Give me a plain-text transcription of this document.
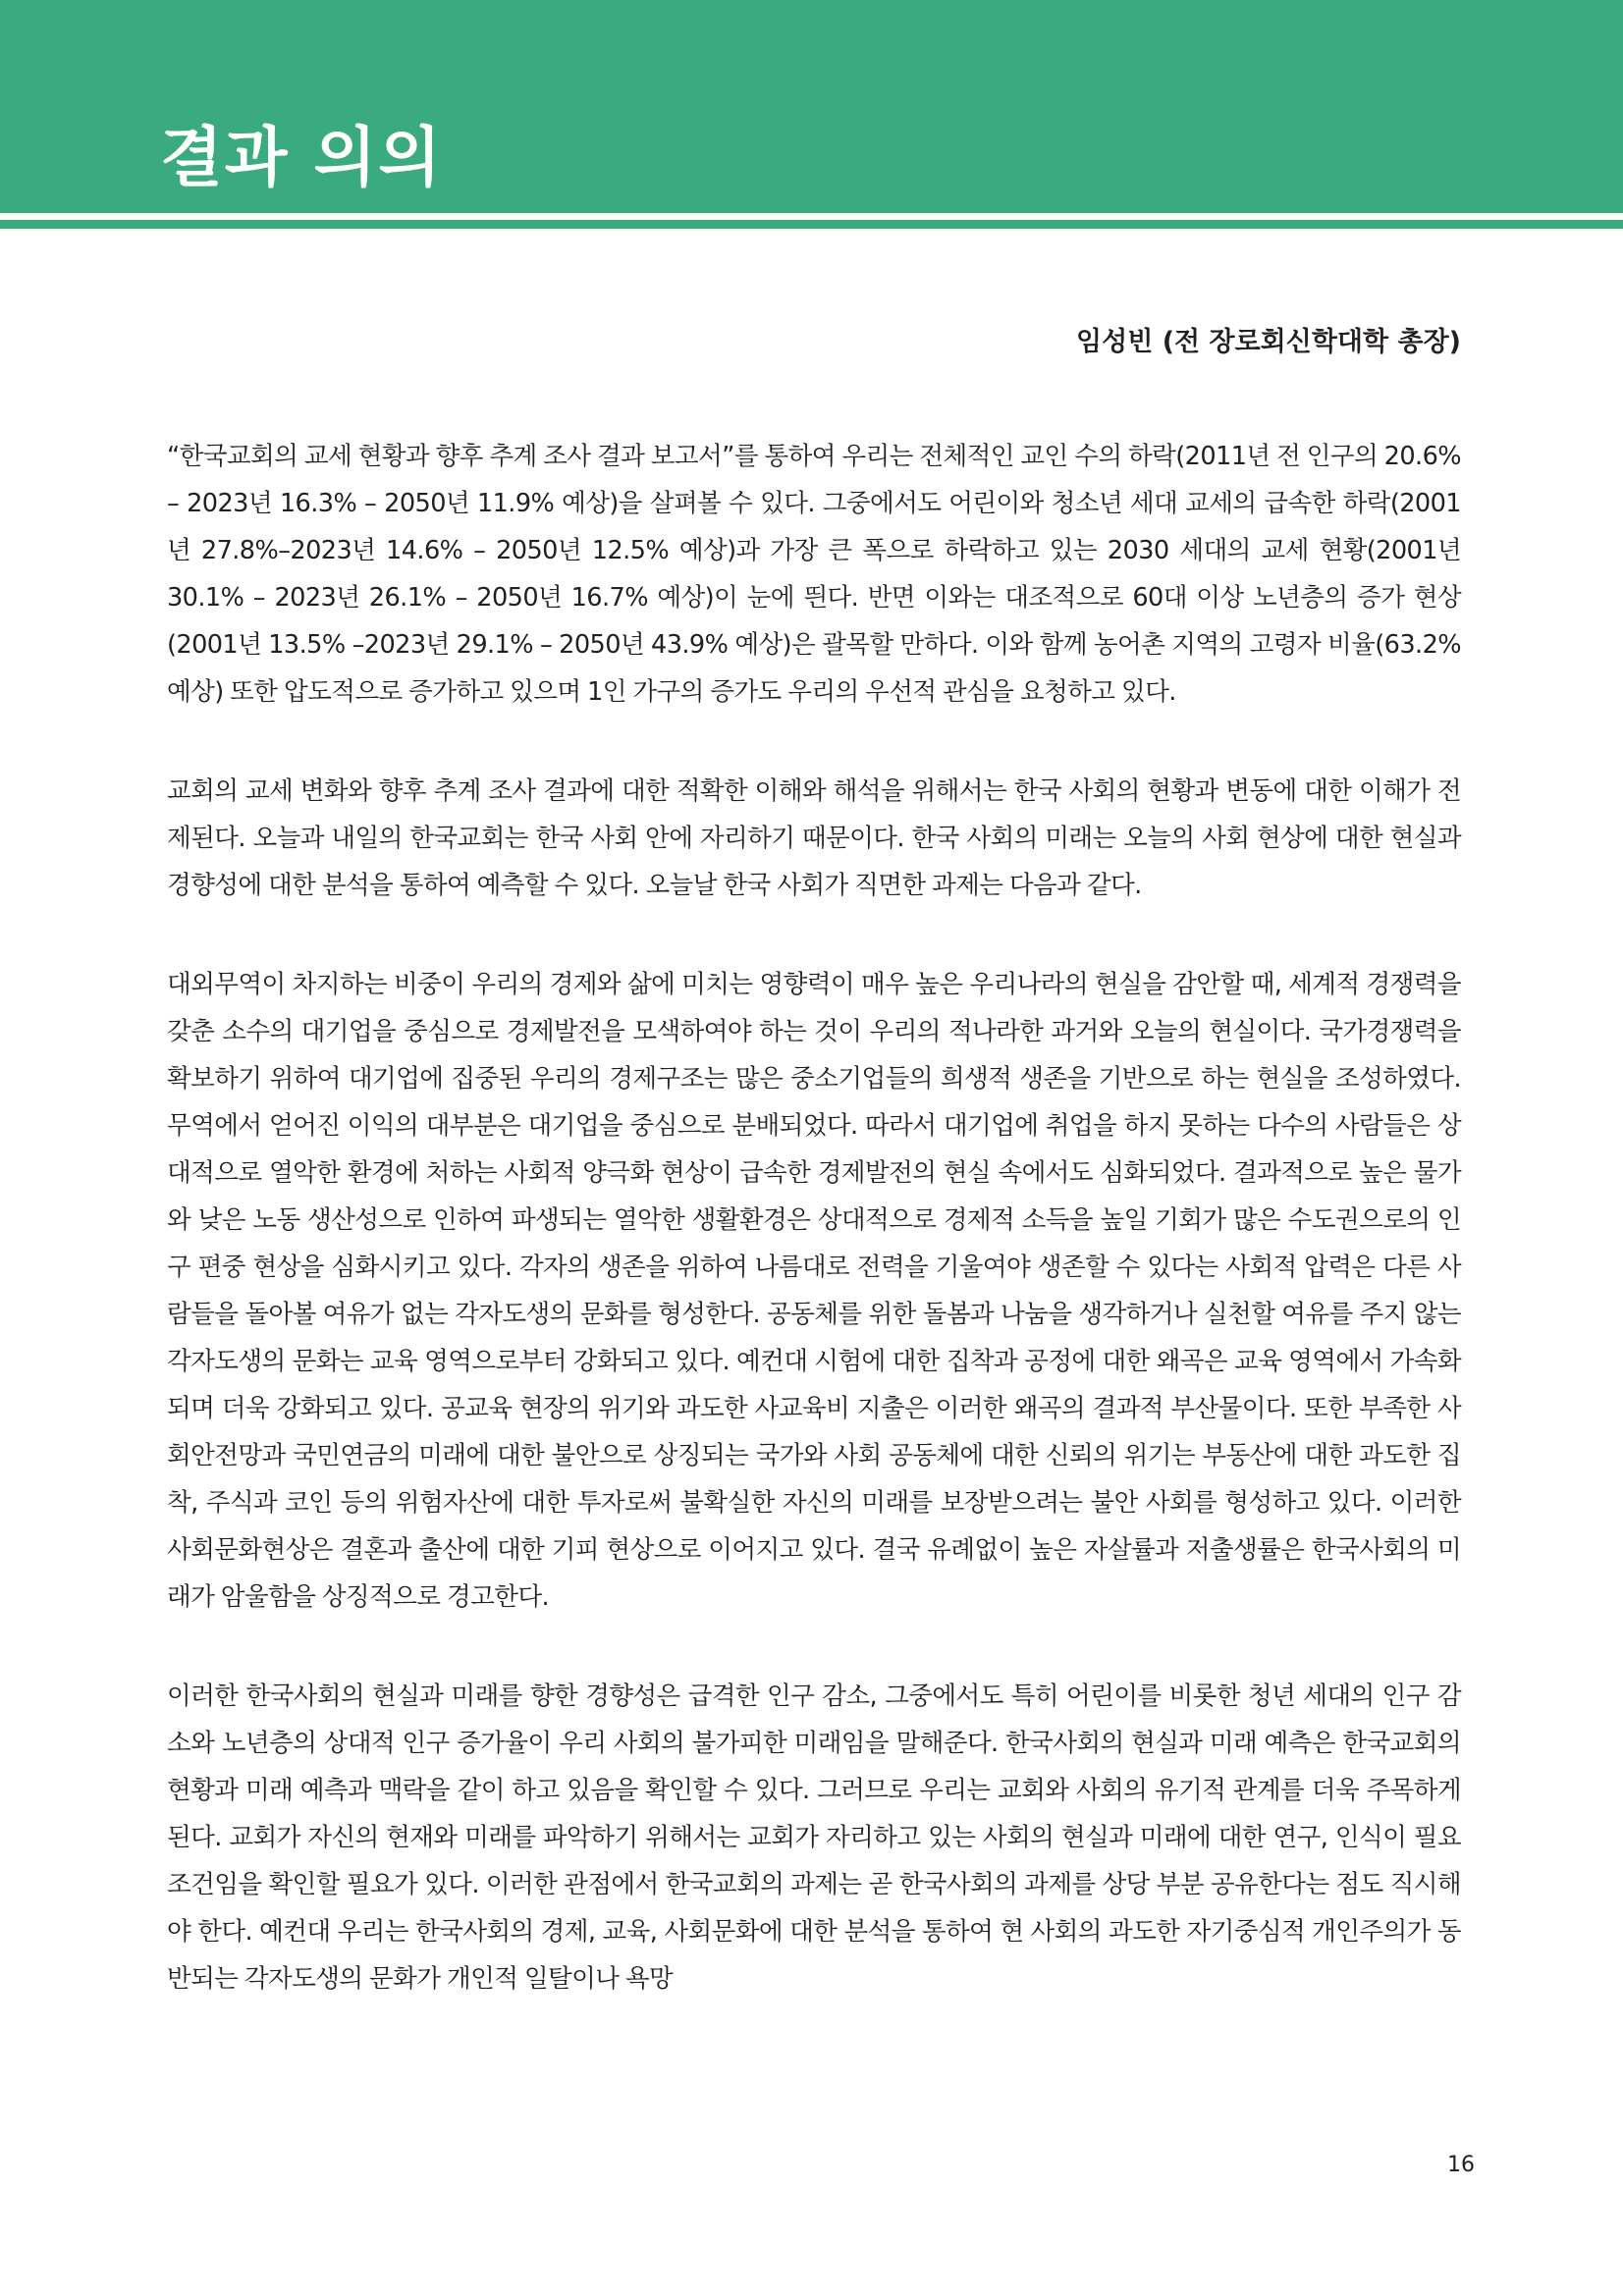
결과 의의

임성빈 (전 장로회신학대학 총장)

“한국교회의 교세 현황과 향후 추계 조사 결과 보고서”를 통하여 우리는 전체적인 교인 수의 하락(2011년 전 인구의 20.6% – 2023년 16.3% – 2050년 11.9% 예상)을 살펴볼 수 있다. 그중에서도 어린이와 청소년 세대 교세의 급속한 하락(2001년 27.8%–2023년 14.6% – 2050년 12.5% 예상)과 가장 큰 폭으로 하락하고 있는 2030 세대의 교세 현황(2001년 30.1% – 2023년 26.1% – 2050년 16.7% 예상)이 눈에 띈다. 반면 이와는 대조적으로 60대 이상 노년층의 증가 현상(2001년 13.5% –2023년 29.1% – 2050년 43.9% 예상)은 괄목할 만하다. 이와 함께 농어촌 지역의 고령자 비율(63.2% 예상) 또한 압도적으로 증가하고 있으며 1인 가구의 증가도 우리의 우선적 관심을 요청하고 있다.

교회의 교세 변화와 향후 추계 조사 결과에 대한 적확한 이해와 해석을 위해서는 한국 사회의 현황과 변동에 대한 이해가 전제된다. 오늘과 내일의 한국교회는 한국 사회 안에 자리하기 때문이다. 한국 사회의 미래는 오늘의 사회 현상에 대한 현실과 경향성에 대한 분석을 통하여 예측할 수 있다. 오늘날 한국 사회가 직면한 과제는 다음과 같다.

대외무역이 차지하는 비중이 우리의 경제와 삶에 미치는 영향력이 매우 높은 우리나라의 현실을 감안할 때, 세계적 경쟁력을 갖춘 소수의 대기업을 중심으로 경제발전을 모색하여야 하는 것이 우리의 적나라한 과거와 오늘의 현실이다. 국가경쟁력을 확보하기 위하여 대기업에 집중된 우리의 경제구조는 많은 중소기업들의 희생적 생존을 기반으로 하는 현실을 조성하였다. 무역에서 얻어진 이익의 대부분은 대기업을 중심으로 분배되었다. 따라서 대기업에 취업을 하지 못하는 다수의 사람들은 상대적으로 열악한 환경에 처하는 사회적 양극화 현상이 급속한 경제발전의 현실 속에서도 심화되었다. 결과적으로 높은 물가와 낮은 노동 생산성으로 인하여 파생되는 열악한 생활환경은 상대적으로 경제적 소득을 높일 기회가 많은 수도권으로의 인구 편중 현상을 심화시키고 있다. 각자의 생존을 위하여 나름대로 전력을 기울여야 생존할 수 있다는 사회적 압력은 다른 사람들을 돌아볼 여유가 없는 각자도생의 문화를 형성한다. 공동체를 위한 돌봄과 나눔을 생각하거나 실천할 여유를 주지 않는 각자도생의 문화는 교육 영역으로부터 강화되고 있다. 예컨대 시험에 대한 집착과 공정에 대한 왜곡은 교육 영역에서 가속화되며 더욱 강화되고 있다. 공교육 현장의 위기와 과도한 사교육비 지출은 이러한 왜곡의 결과적 부산물이다. 또한 부족한 사회안전망과 국민연금의 미래에 대한 불안으로 상징되는 국가와 사회 공동체에 대한 신뢰의 위기는 부동산에 대한 과도한 집착, 주식과 코인 등의 위험자산에 대한 투자로써 불확실한 자신의 미래를 보장받으려는 불안 사회를 형성하고 있다. 이러한 사회문화현상은 결혼과 출산에 대한 기피 현상으로 이어지고 있다. 결국 유례없이 높은 자살률과 저출생률은 한국사회의 미래가 암울함을 상징적으로 경고한다.

이러한 한국사회의 현실과 미래를 향한 경향성은 급격한 인구 감소, 그중에서도 특히 어린이를 비롯한 청년 세대의 인구 감소와 노년층의 상대적 인구 증가율이 우리 사회의 불가피한 미래임을 말해준다. 한국사회의 현실과 미래 예측은 한국교회의 현황과 미래 예측과 맥락을 같이 하고 있음을 확인할 수 있다. 그러므로 우리는 교회와 사회의 유기적 관계를 더욱 주목하게 된다. 교회가 자신의 현재와 미래를 파악하기 위해서는 교회가 자리하고 있는 사회의 현실과 미래에 대한 연구, 인식이 필요조건임을 확인할 필요가 있다. 이러한 관점에서 한국교회의 과제는 곧 한국사회의 과제를 상당 부분 공유한다는 점도 직시해야 한다. 예컨대 우리는 한국사회의 경제, 교육, 사회문화에 대한 분석을 통하여 현 사회의 과도한 자기중심적 개인주의가 동반되는 각자도생의 문화가 개인적 일탈이나 욕망

16
